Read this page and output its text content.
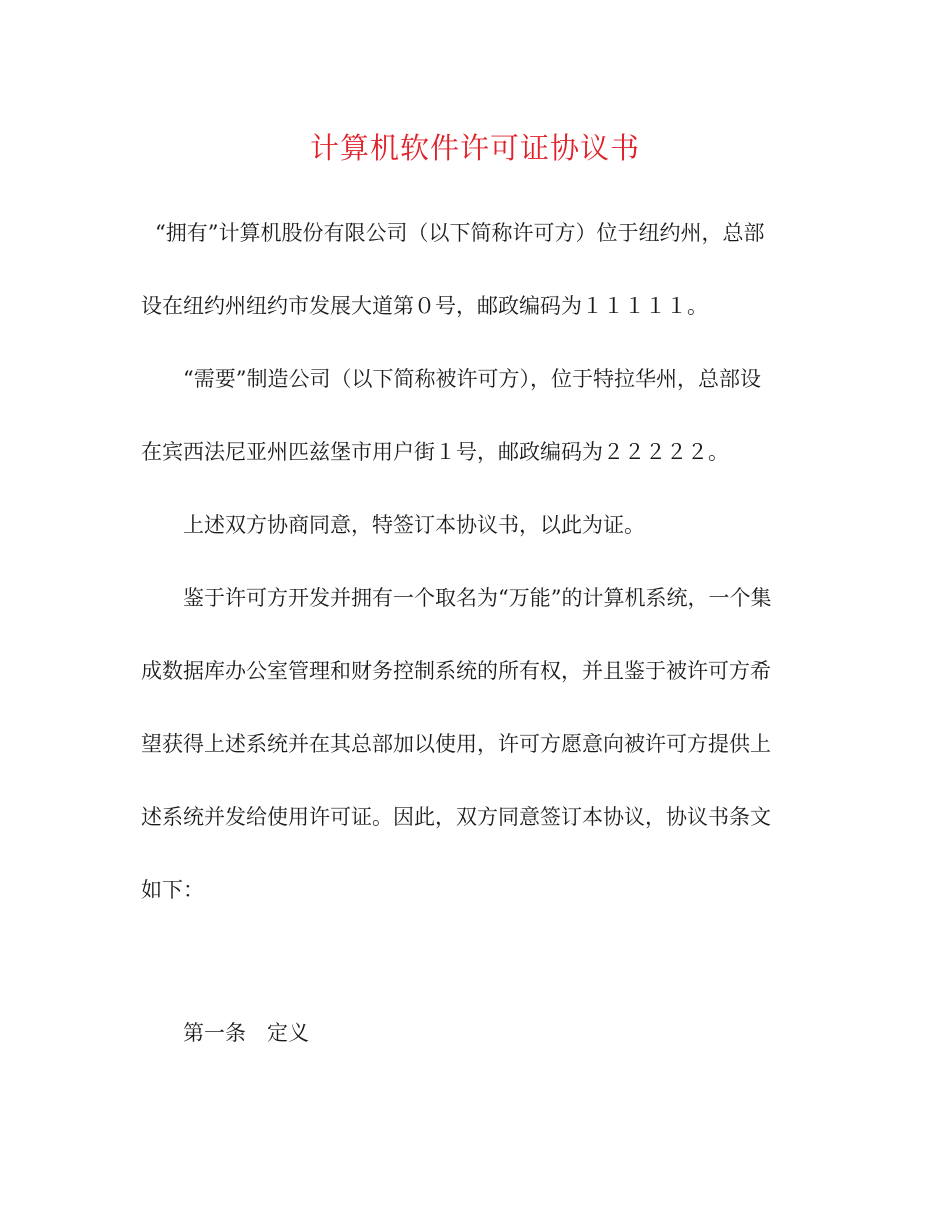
计算机软件许可证协议书
“拥有”计算机股份有限公司（以下简称许可方）位于纽约州，总部
设在纽约州纽约市发展大道第０号，邮政编码为１１１１１。
“需要”制造公司（以下简称被许可方），位于特拉华州，总部设
在宾西法尼亚州匹兹堡市用户街１号，邮政编码为２２２２２。
上述双方协商同意，特签订本协议书，以此为证。
鉴于许可方开发并拥有一个取名为“万能”的计算机系统，一个集
成数据库办公室管理和财务控制系统的所有权，并且鉴于被许可方希
望获得上述系统并在其总部加以使用，许可方愿意向被许可方提供上
述系统并发给使用许可证。因此，双方同意签订本协议，协议书条文
如下：
第一条　定义
